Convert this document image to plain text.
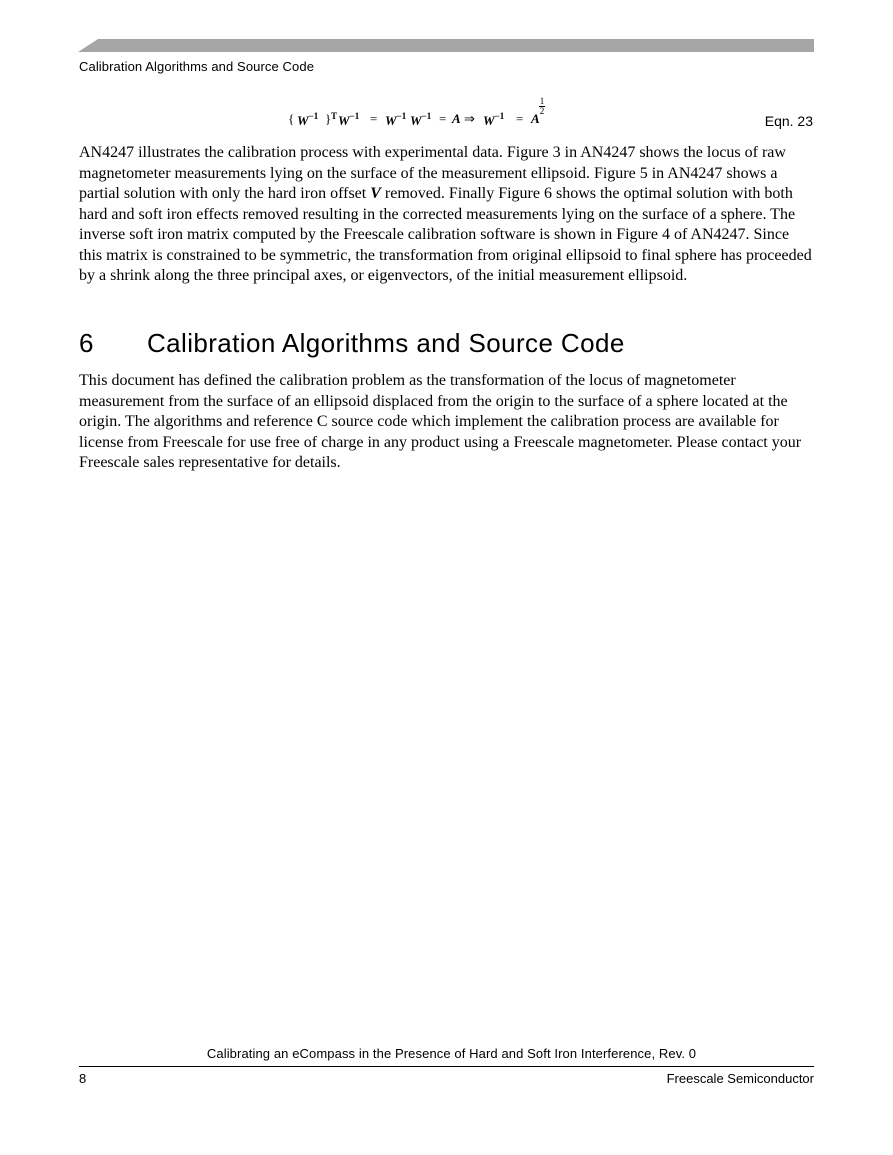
Calibration Algorithms and Source Code
{ $W^{-1}$ } $^T$ $W^{-1} = W^{-1}$ $W^{-1} = A$ ⇒ $W^{-1} = A$
1
2
Eqn. 23

AN4247 illustrates the calibration process with experimental data. Figure 3 in AN4247 shows the locus of raw magnetometer measurements lying on the surface of the measurement ellipsoid. Figure 5 in AN4247 shows a partial solution with only the hard iron offset V removed. Finally Figure 6 shows the optimal solution with both hard and soft iron effects removed resulting in the corrected measurements lying on the surface of a sphere. The inverse soft iron matrix computed by the Freescale calibration software is shown in Figure 4 of AN4247. Since this matrix is constrained to be symmetric, the transformation from original ellipsoid to final sphere has proceeded by a shrink along the three principal axes, or eigenvectors, of the initial measurement ellipsoid.

6 Calibration Algorithms and Source Code

This document has defined the calibration problem as the transformation of the locus of magnetometer measurement from the surface of an ellipsoid displaced from the origin to the surface of a sphere located at the origin. The algorithms and reference C source code which implement the calibration process are available for license from Freescale for use free of charge in any product using a Freescale magnetometer. Please contact your Freescale sales representative for details.

Calibrating an eCompass in the Presence of Hard and Soft Iron Interference, Rev. 0
8	Freescale Semiconductor
